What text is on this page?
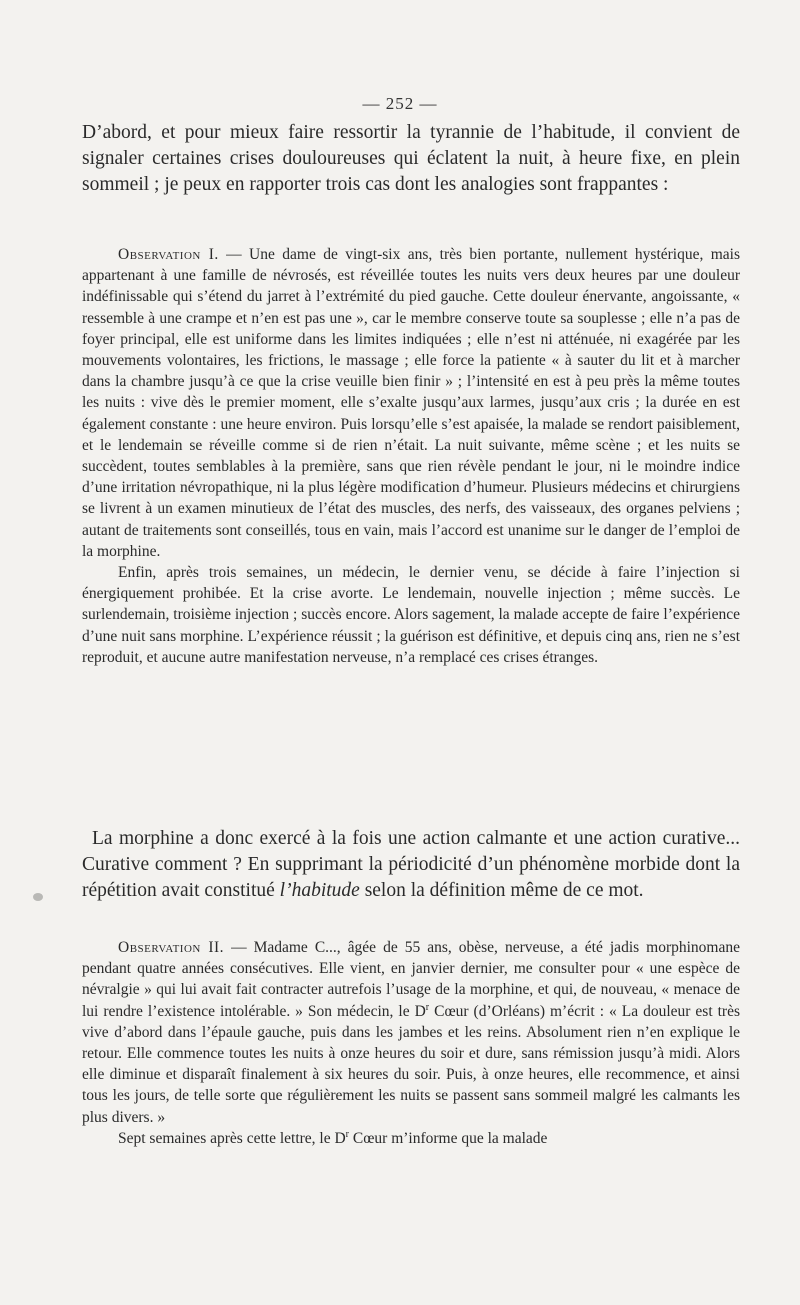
— 252 —
D’abord, et pour mieux faire ressortir la tyrannie de l’habitude, il convient de signaler certaines crises douloureuses qui éclatent la nuit, à heure fixe, en plein sommeil ; je peux en rapporter trois cas dont les analogies sont frappantes :

Observation I. — Une dame de vingt-six ans, très bien portante, nullement hystérique, mais appartenant à une famille de névrosés, est réveillée toutes les nuits vers deux heures par une douleur indéfinissable qui s’étend du jarret à l’extrémité du pied gauche. Cette douleur énervante, angoissante, « ressemble à une crampe et n’en est pas une », car le membre conserve toute sa souplesse ; elle n’a pas de foyer principal, elle est uniforme dans les limites indiquées ; elle n’est ni atténuée, ni exagérée par les mouvements volontaires, les frictions, le massage ; elle force la patiente « à sauter du lit et à marcher dans la chambre jusqu’à ce que la crise veuille bien finir » ; l’intensité en est à peu près la même toutes les nuits : vive dès le premier moment, elle s’exalte jusqu’aux larmes, jusqu’aux cris ; la durée en est également constante : une heure environ. Puis lorsqu’elle s’est apaisée, la malade se rendort paisiblement, et le lendemain se réveille comme si de rien n’était. La nuit suivante, même scène ; et les nuits se succèdent, toutes semblables à la première, sans que rien révèle pendant le jour, ni le moindre indice d’une irritation névropathique, ni la plus légère modification d’humeur. Plusieurs médecins et chirurgiens se livrent à un examen minutieux de l’état des muscles, des nerfs, des vaisseaux, des organes pelviens ; autant de traitements sont conseillés, tous en vain, mais l’accord est unanime sur le danger de l’emploi de la morphine.

Enfin, après trois semaines, un médecin, le dernier venu, se décide à faire l’injection si énergiquement prohibée. Et la crise avorte. Le lendemain, nouvelle injection ; même succès. Le surlendemain, troisième injection ; succès encore. Alors sagement, la malade accepte de faire l’expérience d’une nuit sans morphine. L’expérience réussit ; la guérison est définitive, et depuis cinq ans, rien ne s’est reproduit, et aucune autre manifestation nerveuse, n’a remplacé ces crises étranges.

La morphine a donc exercé à la fois une action calmante et une action curative... Curative comment ? En supprimant la périodicité d’un phénomène morbide dont la répétition avait constitué l’habitude selon la définition même de ce mot.

Observation II. — Madame C..., âgée de 55 ans, obèse, nerveuse, a été jadis morphinomane pendant quatre années consécutives. Elle vient, en janvier dernier, me consulter pour « une espèce de névralgie » qui lui avait fait contracter autrefois l’usage de la morphine, et qui, de nouveau, « menace de lui rendre l’existence intolérable. » Son médecin, le $D^r$ Cœur (d’Orléans) m’écrit : « La douleur est très vive d’abord dans l’épaule gauche, puis dans les jambes et les reins. Absolument rien n’en explique le retour. Elle commence toutes les nuits à onze heures du soir et dure, sans rémission jusqu’à midi. Alors elle diminue et disparaît finalement à six heures du soir. Puis, à onze heures, elle recommence, et ainsi tous les jours, de telle sorte que régulièrement les nuits se passent sans sommeil malgré les calmants les plus divers. »

Sept semaines après cette lettre, le $D^r$ Cœur m’informe que la malade
